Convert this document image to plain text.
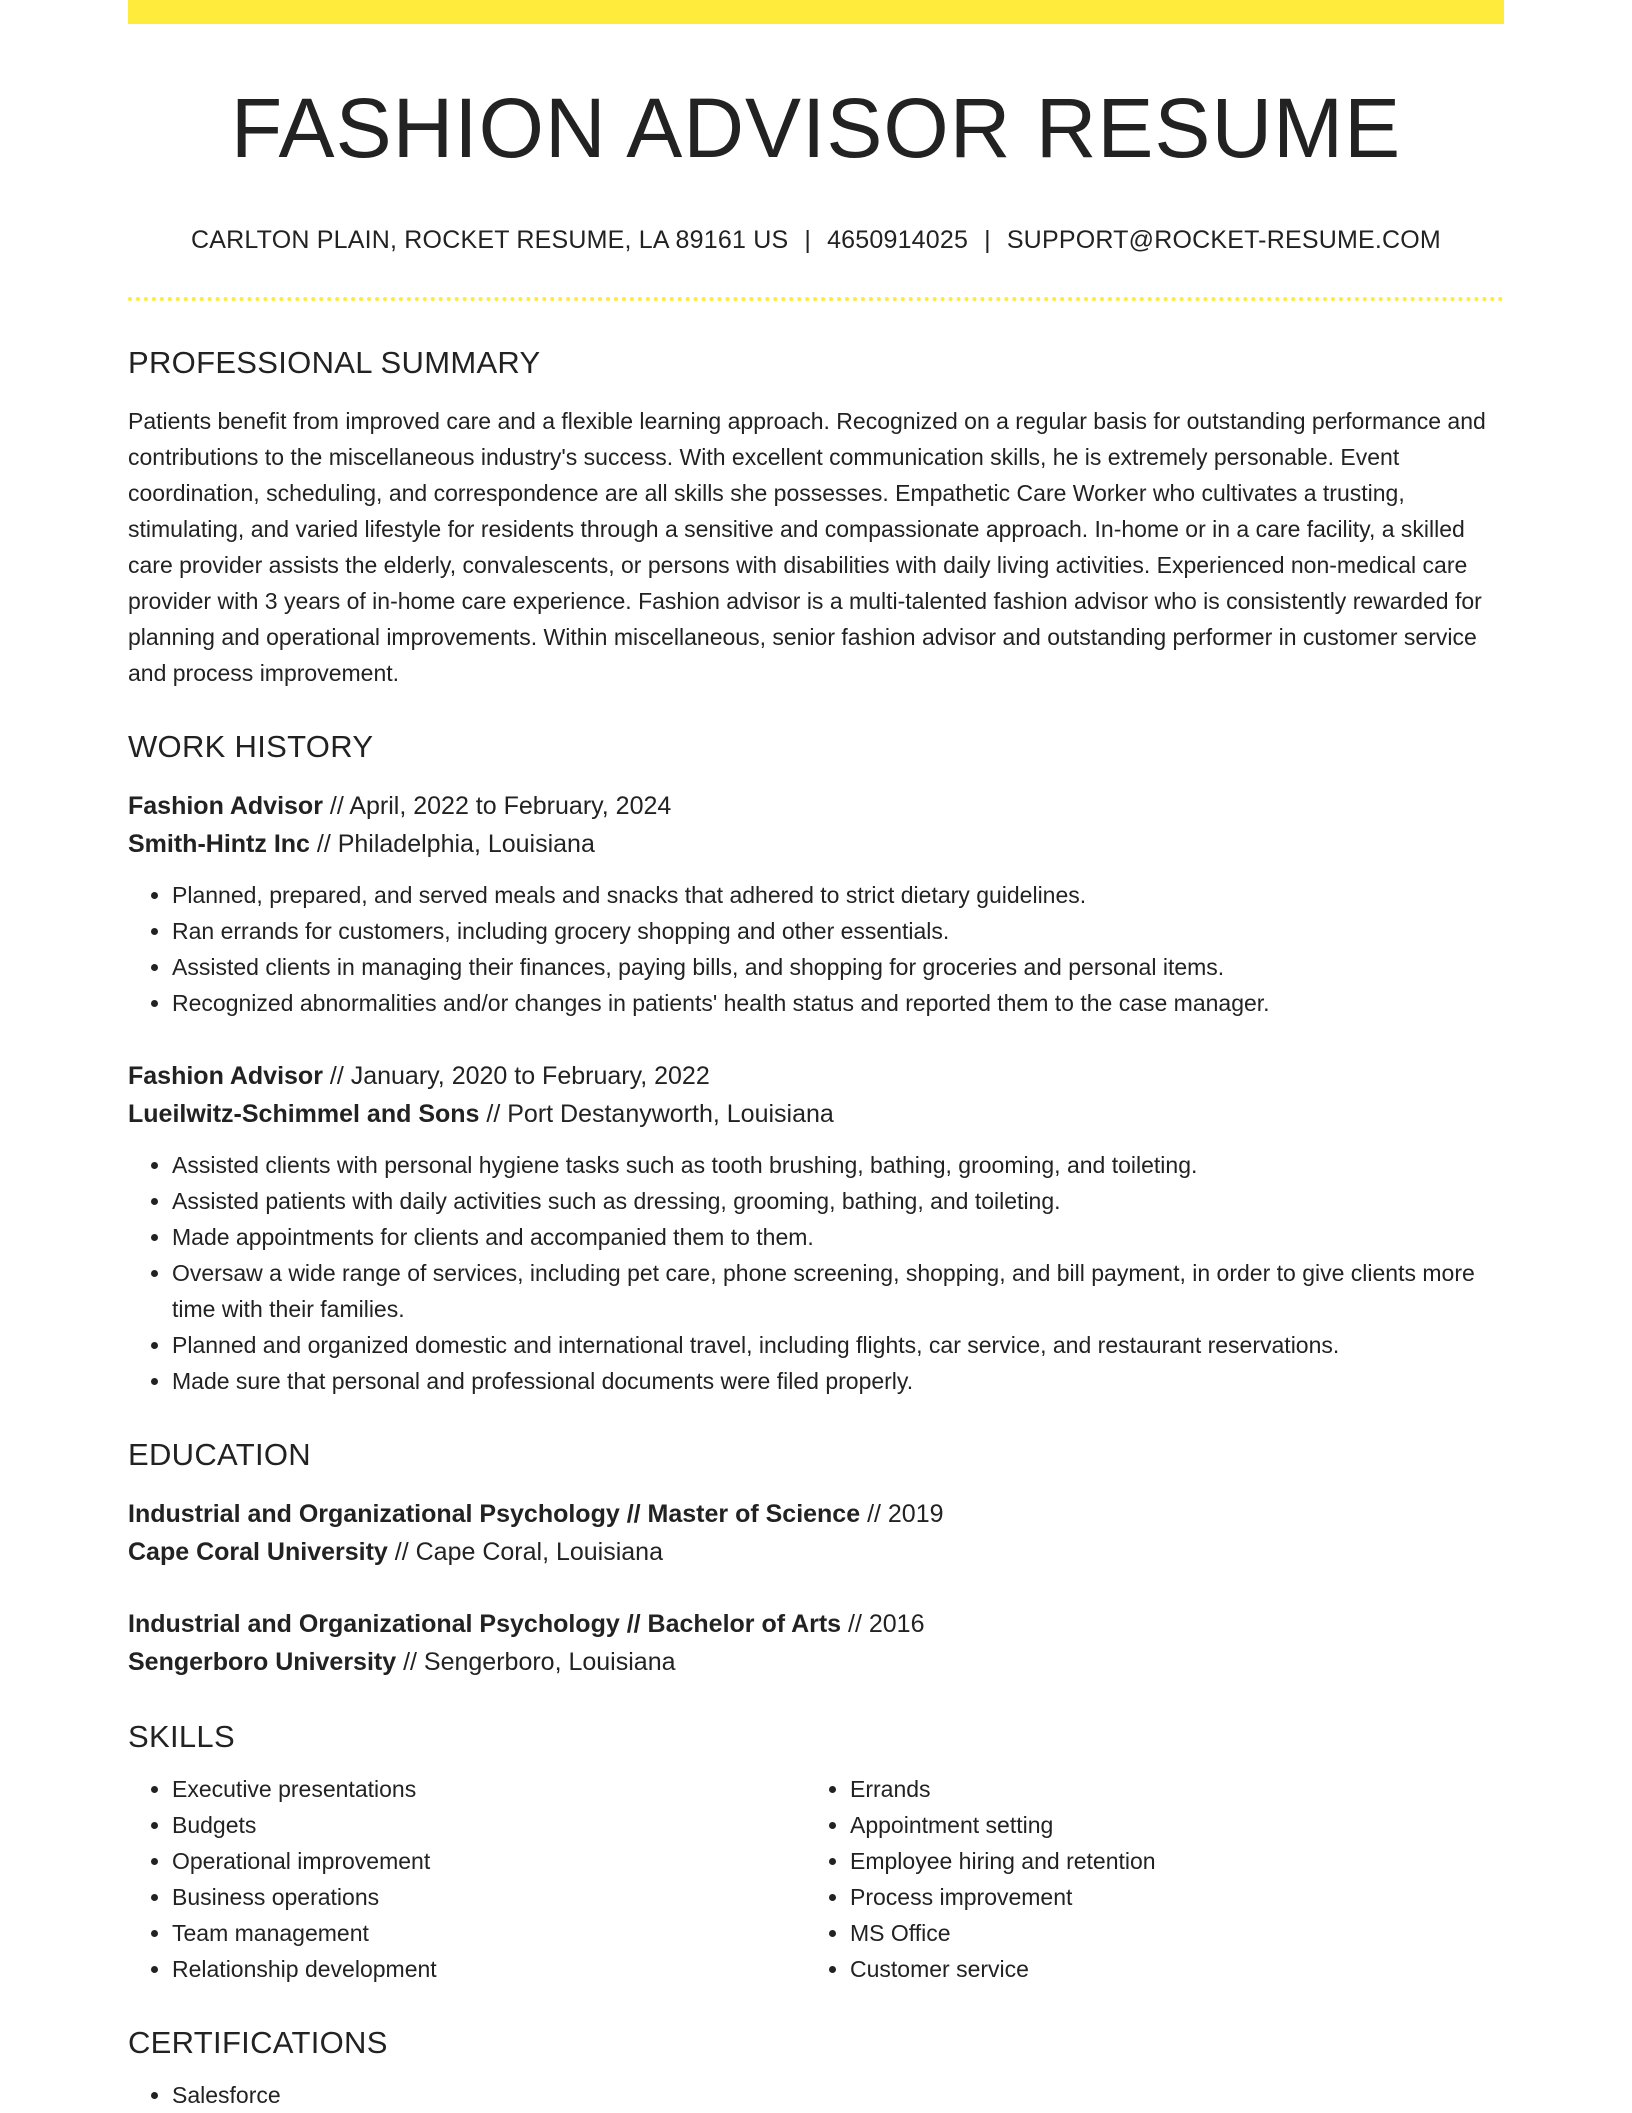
FASHION ADVISOR RESUME
CARLTON PLAIN, ROCKET RESUME, LA 89161 US | 4650914025 | SUPPORT@ROCKET-RESUME.COM
PROFESSIONAL SUMMARY
Patients benefit from improved care and a flexible learning approach. Recognized on a regular basis for outstanding performance and contributions to the miscellaneous industry's success. With excellent communication skills, he is extremely personable. Event coordination, scheduling, and correspondence are all skills she possesses. Empathetic Care Worker who cultivates a trusting, stimulating, and varied lifestyle for residents through a sensitive and compassionate approach. In-home or in a care facility, a skilled care provider assists the elderly, convalescents, or persons with disabilities with daily living activities. Experienced non-medical care provider with 3 years of in-home care experience. Fashion advisor is a multi-talented fashion advisor who is consistently rewarded for planning and operational improvements. Within miscellaneous, senior fashion advisor and outstanding performer in customer service and process improvement.
WORK HISTORY
Fashion Advisor // April, 2022 to February, 2024
Smith-Hintz Inc // Philadelphia, Louisiana
• Planned, prepared, and served meals and snacks that adhered to strict dietary guidelines.
• Ran errands for customers, including grocery shopping and other essentials.
• Assisted clients in managing their finances, paying bills, and shopping for groceries and personal items.
• Recognized abnormalities and/or changes in patients' health status and reported them to the case manager.
Fashion Advisor // January, 2020 to February, 2022
Lueilwitz-Schimmel and Sons // Port Destanyworth, Louisiana
• Assisted clients with personal hygiene tasks such as tooth brushing, bathing, grooming, and toileting.
• Assisted patients with daily activities such as dressing, grooming, bathing, and toileting.
• Made appointments for clients and accompanied them to them.
• Oversaw a wide range of services, including pet care, phone screening, shopping, and bill payment, in order to give clients more time with their families.
• Planned and organized domestic and international travel, including flights, car service, and restaurant reservations.
• Made sure that personal and professional documents were filed properly.
EDUCATION
Industrial and Organizational Psychology // Master of Science // 2019
Cape Coral University // Cape Coral, Louisiana
Industrial and Organizational Psychology // Bachelor of Arts // 2016
Sengerboro University // Sengerboro, Louisiana
SKILLS
• Executive presentations
• Budgets
• Operational improvement
• Business operations
• Team management
• Relationship development
• Errands
• Appointment setting
• Employee hiring and retention
• Process improvement
• MS Office
• Customer service
CERTIFICATIONS
• Salesforce
